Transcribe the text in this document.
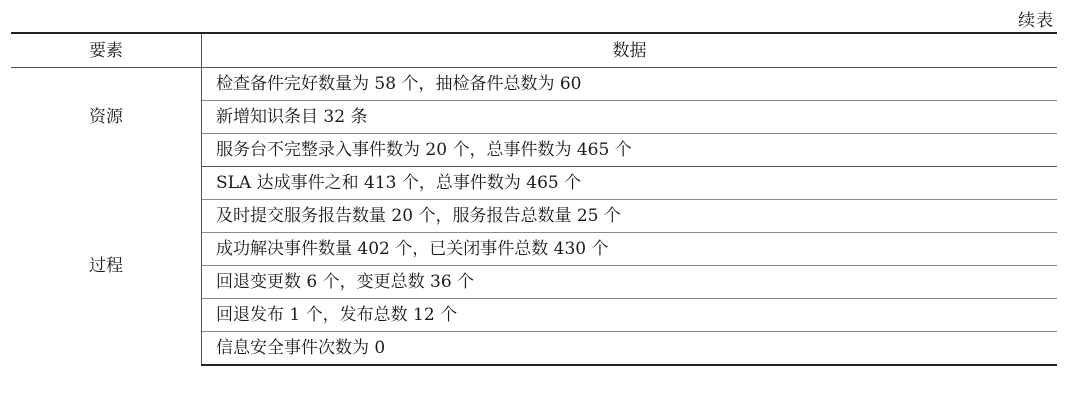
续表
要素	数据
资源	检查备件完好数量为 58 个，抽检备件总数为 60
	新增知识条目 32 条
	服务台不完整录入事件数为 20 个，总事件数为 465 个
过程	SLA 达成事件之和 413 个，总事件数为 465 个
	及时提交服务报告数量 20 个，服务报告总数量 25 个
	成功解决事件数量 402 个，已关闭事件总数 430 个
	回退变更数 6 个，变更总数 36 个
	回退发布 1 个，发布总数 12 个
	信息安全事件次数为 0
